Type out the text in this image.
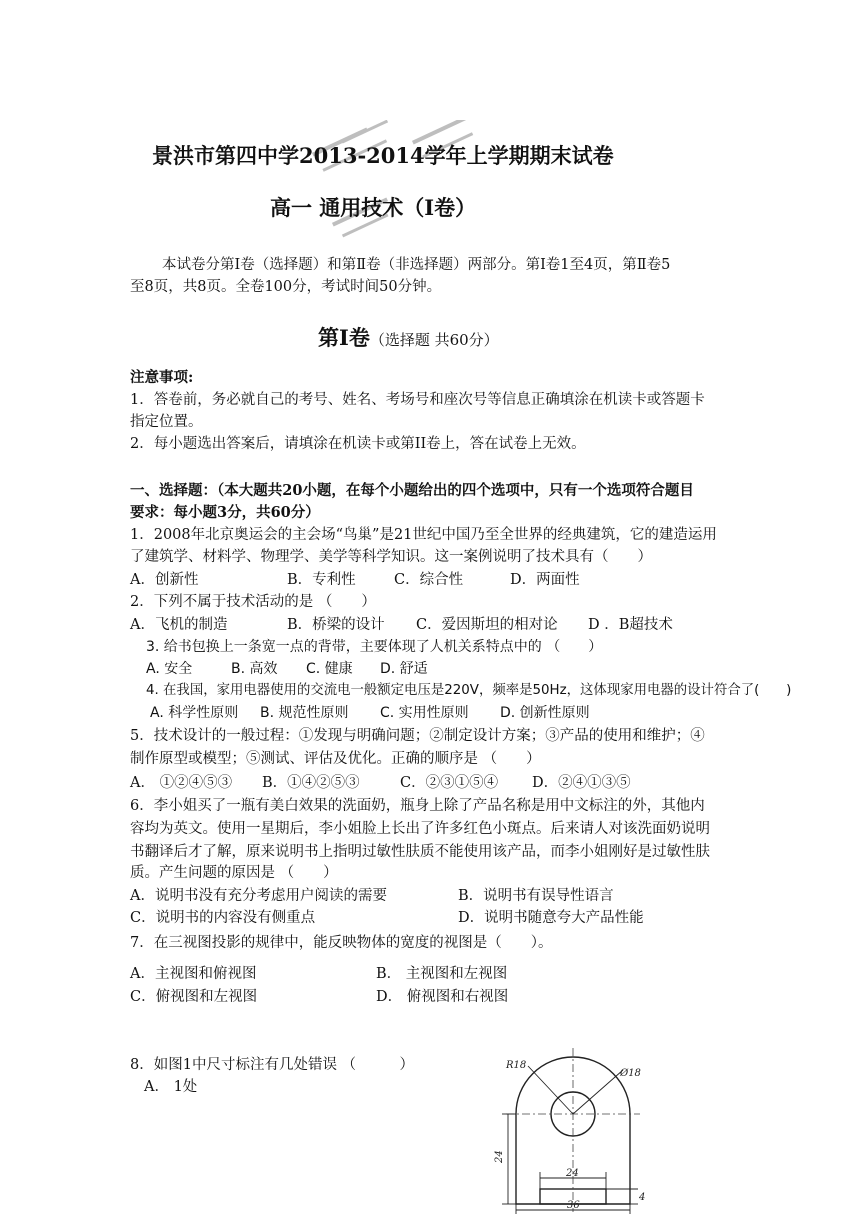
景洪市第四中学2013-2014学年上学期期末试卷
高一 通用技术（I卷）
本试卷分第Ⅰ卷（选择题）和第Ⅱ卷（非选择题）两部分。第Ⅰ卷1至4页，第Ⅱ卷5
至8页，共8页。全卷100分，考试时间50分钟。
第Ⅰ卷（选择题 共60分）
注意事项:
1．答卷前，务必就自己的考号、姓名、考场号和座次号等信息正确填涂在机读卡或答题卡
指定位置。
2．每小题选出答案后，请填涂在机读卡或第II卷上，答在试卷上无效。
一、选择题：（本大题共20小题，在每个小题给出的四个选项中，只有一个选项符合题目
要求：每小题3分，共60分）
1．2008年北京奥运会的主会场“鸟巢”是21世纪中国乃至全世界的经典建筑，它的建造运用
了建筑学、材料学、物理学、美学等科学知识。这一案例说明了技术具有（　　）
A．创新性	B．专利性	C．综合性	D．两面性
2．下列不属于技术活动的是 （　　）
A．飞机的制造	B．桥梁的设计 C．爱因斯坦的相对论 D ．B超技术
3. 给书包换上一条宽一点的背带，主要体现了人机关系特点中的 （　　）
A. 安全	B. 高效 C. 健康 D. 舒适
4. 在我国，家用电器使用的交流电一般额定电压是220V，频率是50Hz，这体现家用电器的设计符合了(　　)
A. 科学性原则 B. 规范性原则 C. 实用性原则 D. 创新性原则
5．技术设计的一般过程：①发现与明确问题；②制定设计方案；③产品的使用和维护；④
制作原型或模型；⑤测试、评估及优化。正确的顺序是 （　　）
A． ①②④⑤③ B．①④②⑤③	C．②③①⑤④ D．②④①③⑤
6．李小姐买了一瓶有美白效果的洗面奶，瓶身上除了产品名称是用中文标注的外，其他内
容均为英文。使用一星期后，李小姐脸上长出了许多红色小斑点。后来请人对该洗面奶说明
书翻译后才了解，原来说明书上指明过敏性肤质不能使用该产品，而李小姐刚好是过敏性肤
质。产生问题的原因是 （　　）
A．说明书没有充分考虑用户阅读的需要	B．说明书有误导性语言
C．说明书的内容没有侧重点	D．说明书随意夸大产品性能
7．在三视图投影的规律中，能反映物体的宽度的视图是（　　）。
A．主视图和俯视图	B． 主视图和左视图
C．俯视图和左视图	D． 俯视图和右视图
8．如图1中尺寸标注有几处错误 （　　　）
A． 1处
R18
Ø18
24
24
36
4
